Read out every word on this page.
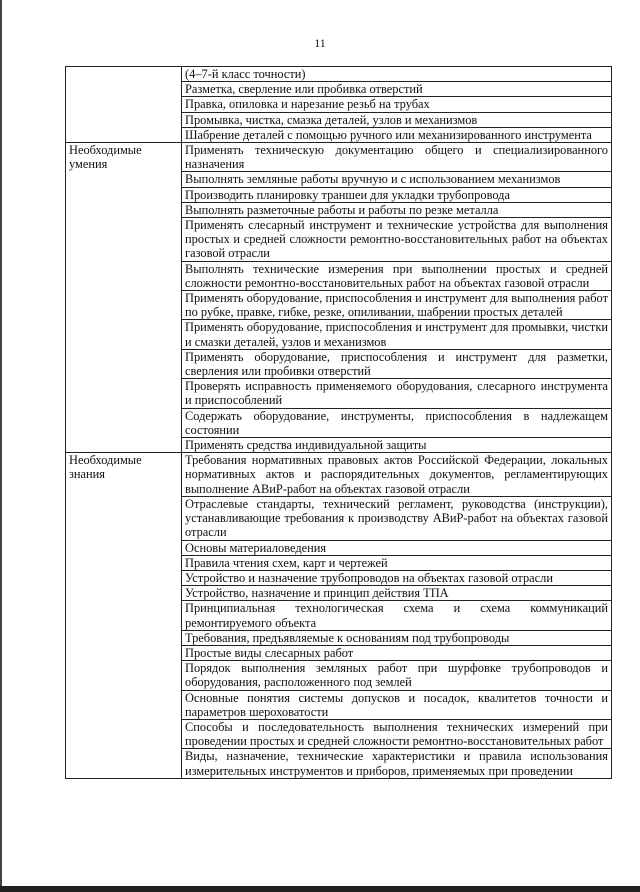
11
	(4–7-й класс точности)
	Разметка, сверление или пробивка отверстий
	Правка, опиловка и нарезание резьб на трубах
	Промывка, чистка, смазка деталей, узлов и механизмов
	Шабрение деталей с помощью ручного или механизированного инструмента
Необходимые умения	Применять техническую документацию общего и специализированного назначения
	Выполнять земляные работы вручную и с использованием механизмов
	Производить планировку траншеи для укладки трубопровода
	Выполнять разметочные работы и работы по резке металла
	Применять слесарный инструмент и технические устройства для выполнения простых и средней сложности ремонтно-восстановительных работ на объектах газовой отрасли
	Выполнять технические измерения при выполнении простых и средней сложности ремонтно-восстановительных работ на объектах газовой отрасли
	Применять оборудование, приспособления и инструмент для выполнения работ по рубке, правке, гибке, резке, опиливании, шабрении простых деталей
	Применять оборудование, приспособления и инструмент для промывки, чистки и смазки деталей, узлов и механизмов
	Применять оборудование, приспособления и инструмент для разметки, сверления или пробивки отверстий
	Проверять исправность применяемого оборудования, слесарного инструмента и приспособлений
	Содержать оборудование, инструменты, приспособления в надлежащем состоянии
	Применять средства индивидуальной защиты
Необходимые знания	Требования нормативных правовых актов Российской Федерации, локальных нормативных актов и распорядительных документов, регламентирующих выполнение АВиР-работ на объектах газовой отрасли
	Отраслевые стандарты, технический регламент, руководства (инструкции), устанавливающие требования к производству АВиР-работ на объектах газовой отрасли
	Основы материаловедения
	Правила чтения схем, карт и чертежей
	Устройство и назначение трубопроводов на объектах газовой отрасли
	Устройство, назначение и принцип действия ТПА
	Принципиальная технологическая схема и схема коммуникаций ремонтируемого объекта
	Требования, предъявляемые к основаниям под трубопроводы
	Простые виды слесарных работ
	Порядок выполнения земляных работ при шурфовке трубопроводов и оборудования, расположенного под землей
	Основные понятия системы допусков и посадок, квалитетов точности и параметров шероховатости
	Способы и последовательность выполнения технических измерений при проведении простых и средней сложности ремонтно-восстановительных работ
	Виды, назначение, технические характеристики и правила использования измерительных инструментов и приборов, применяемых при проведении
